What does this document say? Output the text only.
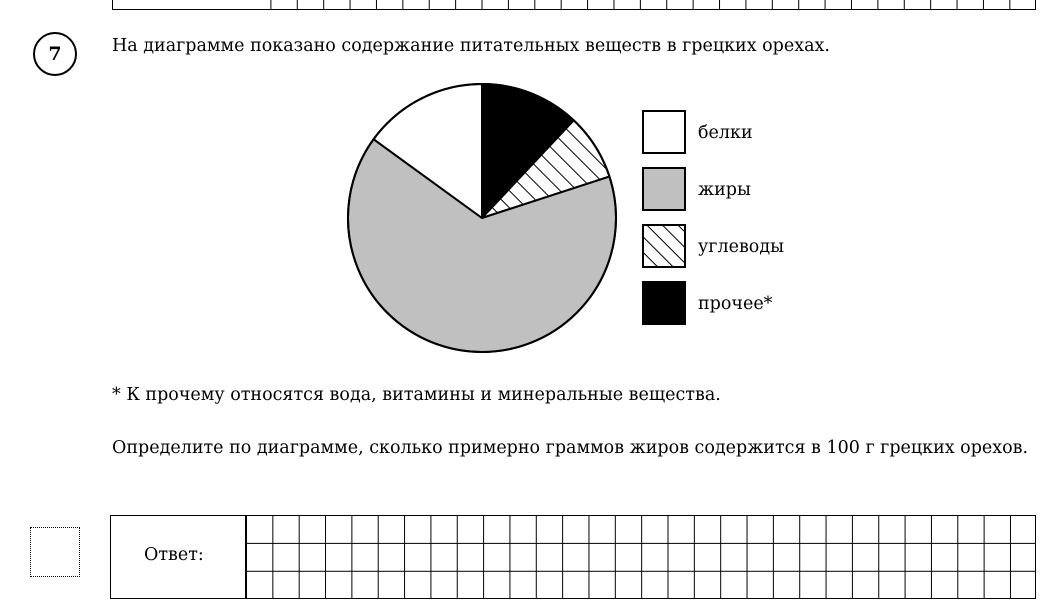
7	На диаграмме показано содержание питательных веществ в грецких орехах.
белки
жиры
углеводы
прочее*
* К прочему относятся вода, витамины и минеральные вещества.
Определите по диаграмме, сколько примерно граммов жиров содержится в 100 г грецких орехов.
Ответ:
